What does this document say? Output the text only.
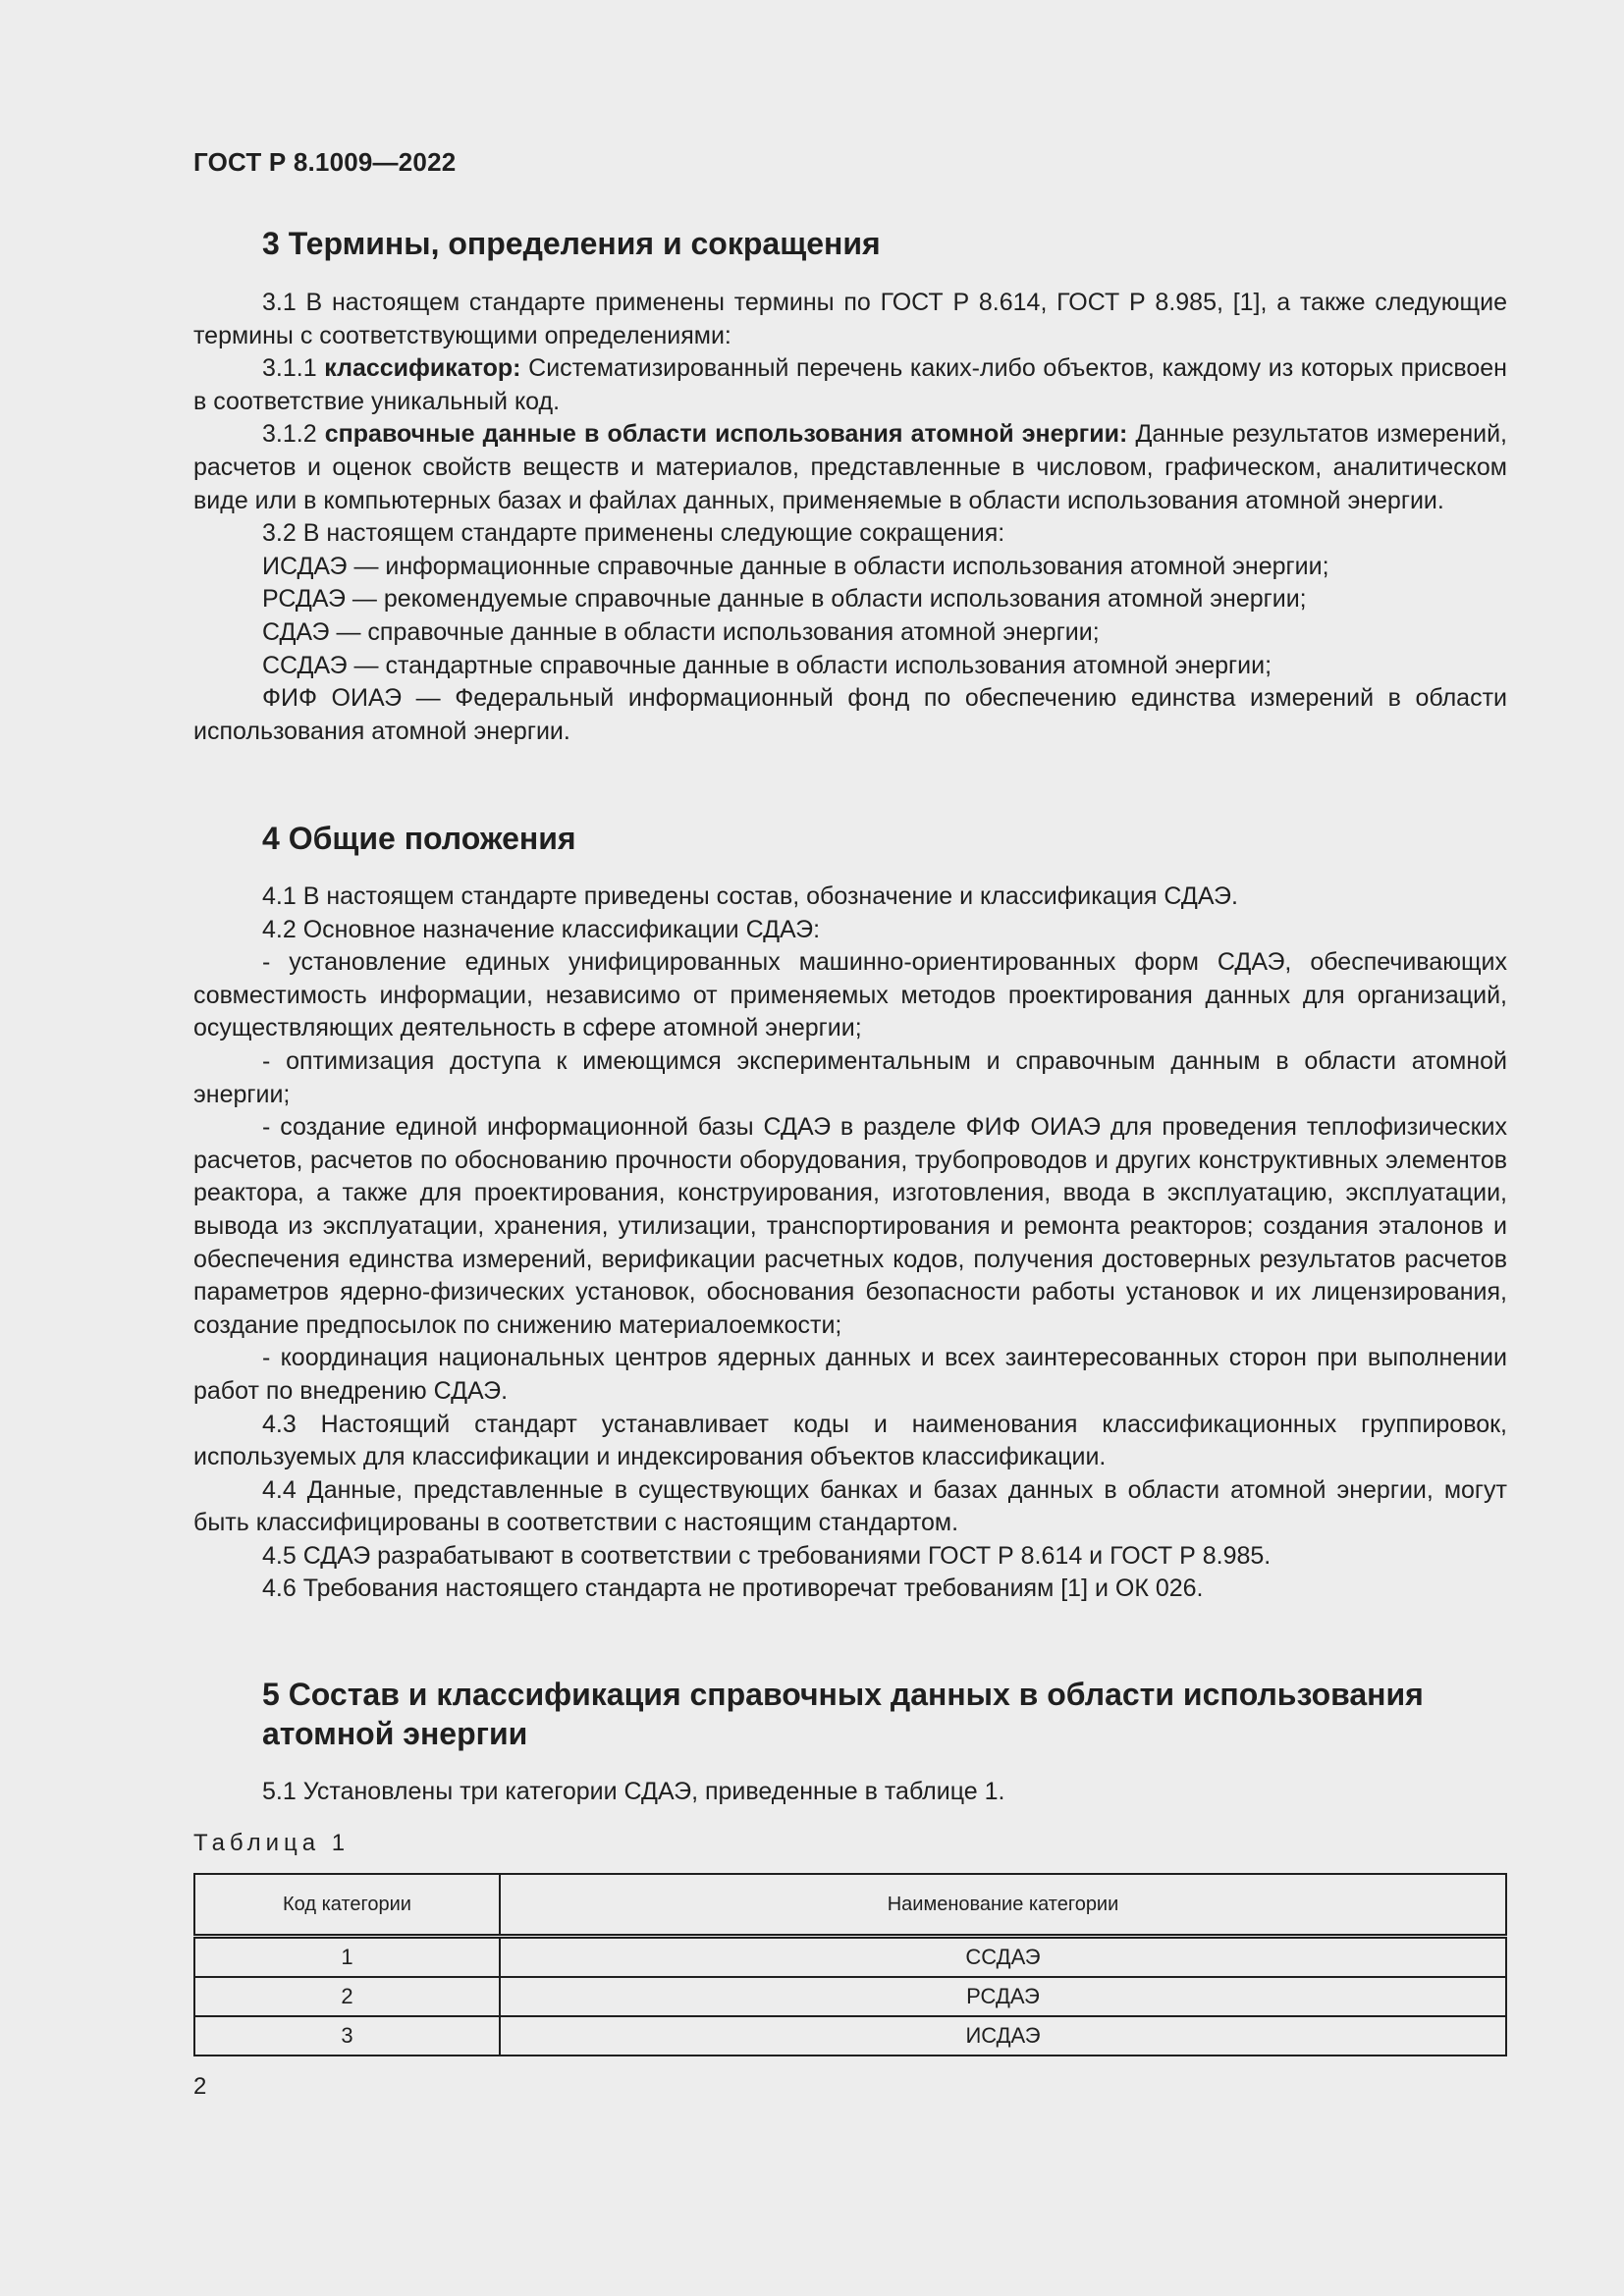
ГОСТ Р 8.1009—2022
3 Термины, определения и сокращения

3.1 В настоящем стандарте применены термины по ГОСТ Р 8.614, ГОСТ Р 8.985, [1], а также следующие термины с соответствующими определениями:

3.1.1 классификатор: Систематизированный перечень каких-либо объектов, каждому из которых присвоен в соответствие уникальный код.

3.1.2 справочные данные в области использования атомной энергии: Данные результатов измерений, расчетов и оценок свойств веществ и материалов, представленные в числовом, графическом, аналитическом виде или в компьютерных базах и файлах данных, применяемые в области использования атомной энергии.

3.2 В настоящем стандарте применены следующие сокращения:

ИСДАЭ — информационные справочные данные в области использования атомной энергии;

РСДАЭ — рекомендуемые справочные данные в области использования атомной энергии;

СДАЭ — справочные данные в области использования атомной энергии;

ССДАЭ — стандартные справочные данные в области использования атомной энергии;

ФИФ ОИАЭ — Федеральный информационный фонд по обеспечению единства измерений в области использования атомной энергии.

4 Общие положения

4.1 В настоящем стандарте приведены состав, обозначение и классификация СДАЭ.

4.2 Основное назначение классификации СДАЭ:

- установление единых унифицированных машинно-ориентированных форм СДАЭ, обеспечивающих совместимость информации, независимо от применяемых методов проектирования данных для организаций, осуществляющих деятельность в сфере атомной энергии;

- оптимизация доступа к имеющимся экспериментальным и справочным данным в области атомной энергии;

- создание единой информационной базы СДАЭ в разделе ФИФ ОИАЭ для проведения теплофизических расчетов, расчетов по обоснованию прочности оборудования, трубопроводов и других конструктивных элементов реактора, а также для проектирования, конструирования, изготовления, ввода в эксплуатацию, эксплуатации, вывода из эксплуатации, хранения, утилизации, транспортирования и ремонта реакторов; создания эталонов и обеспечения единства измерений, верификации расчетных кодов, получения достоверных результатов расчетов параметров ядерно-физических установок, обоснования безопасности работы установок и их лицензирования, создание предпосылок по снижению материалоемкости;

- координация национальных центров ядерных данных и всех заинтересованных сторон при выполнении работ по внедрению СДАЭ.

4.3 Настоящий стандарт устанавливает коды и наименования классификационных группировок, используемых для классификации и индексирования объектов классификации.

4.4 Данные, представленные в существующих банках и базах данных в области атомной энергии, могут быть классифицированы в соответствии с настоящим стандартом.

4.5 СДАЭ разрабатывают в соответствии с требованиями ГОСТ Р 8.614 и ГОСТ Р 8.985.

4.6 Требования настоящего стандарта не противоречат требованиям [1] и ОК 026.

5 Состав и классификация справочных данных в области использования
атомной энергии

5.1 Установлены три категории СДАЭ, приведенные в таблице 1.

Таблица 1
Код категории	Наименование категории
1	ССДАЭ
2	РСДАЭ
3	ИСДАЭ
2
